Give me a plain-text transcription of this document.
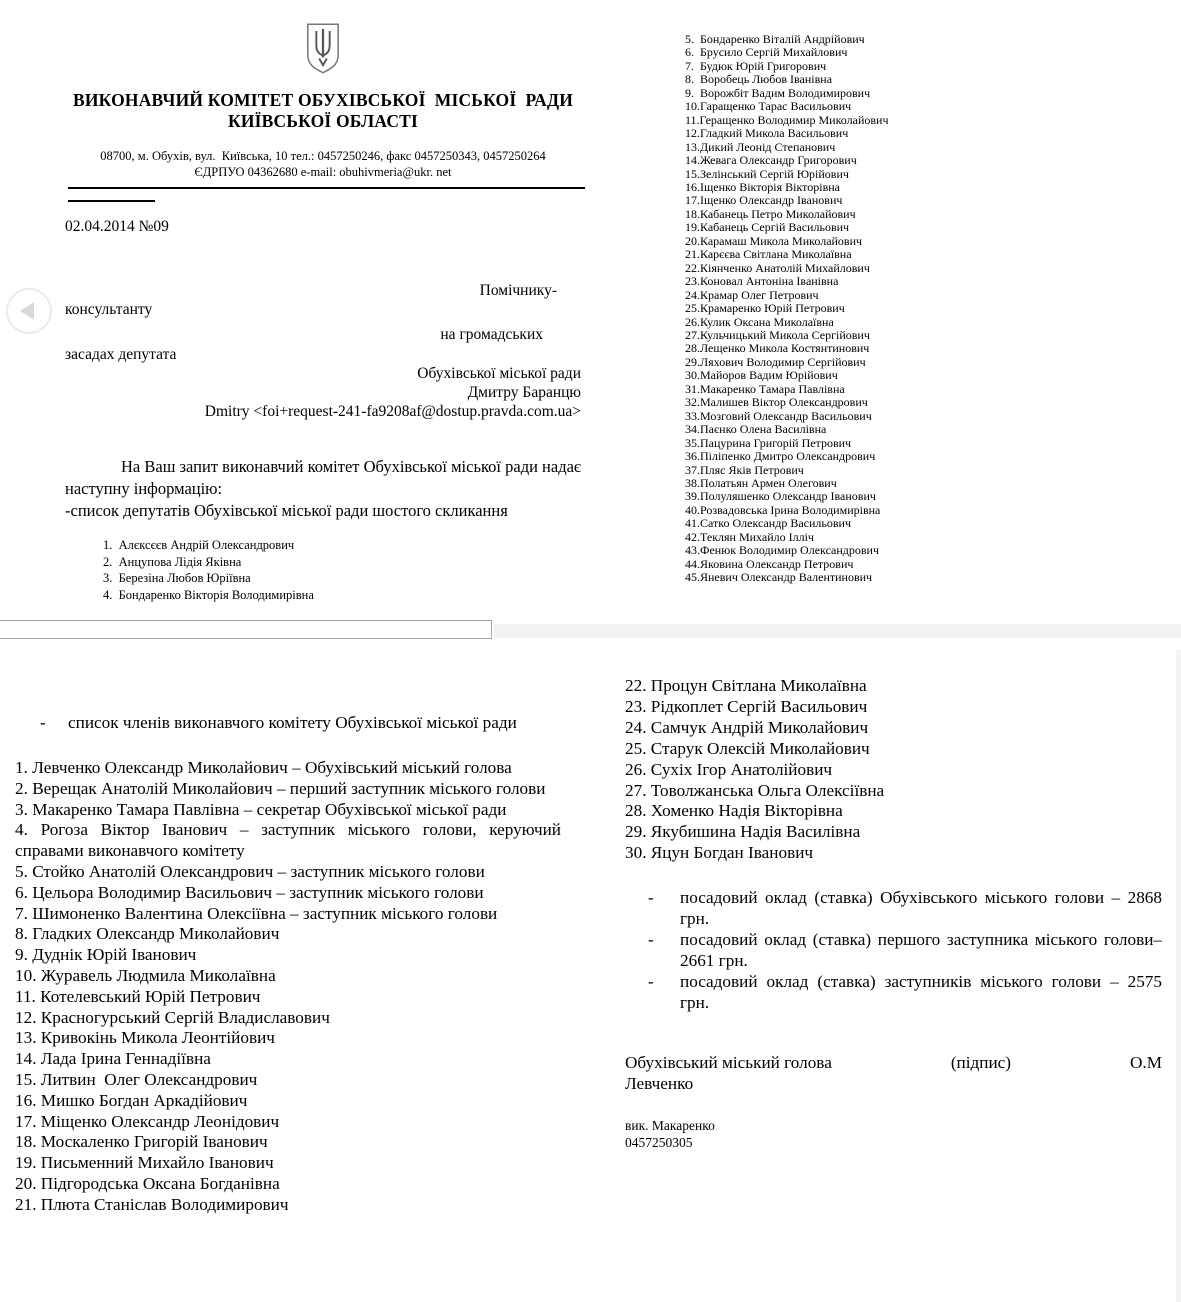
ВИКОНАВЧИЙ КОМІТЕТ ОБУХІВСЬКОЇ  МІСЬКОЇ  РАДИ
КИЇВСЬКОЇ ОБЛАСТІ
08700, м. Обухів, вул.  Київська, 10 тел.: 0457250246, факс 0457250343, 0457250264
ЄДРПУО 04362680 e-mail: obuhivmeria@ukr. net
02.04.2014 №09
Помічнику-
консультанту
на громадських
засадах депутата
Обухівської міської ради
Дмитру Баранцю
Dmitry <foi+request-241-fa9208af@dostup.pravda.com.ua>
На Ваш запит виконавчий комітет Обухівської міської ради надає наступну інформацію:
-список депутатів Обухівської міської ради шостого скликання
1.  Алєксєєв Андрій Олександрович
2.  Анцупова Лідія Яківна
3.  Березіна Любов Юріївна
4.  Бондаренко Вікторія Володимирівна
5.  Бондаренко Віталій Андрійович
6.  Брусило Сергій Михайлович
7.  Будюк Юрій Григорович
8.  Воробець Любов Іванівна
9.  Ворожбіт Вадим Володимирович
10.Гаращенко Тарас Васильович
11.Геращенко Володимир Миколайович
12.Гладкий Микола Васильович
13.Дикий Леонід Степанович
14.Жевага Олександр Григорович
15.Зелінський Сергій Юрійович
16.Іщенко Вікторія Вікторівна
17.Іщенко Олександр Іванович
18.Кабанець Петро Миколайович
19.Кабанець Сергій Васильович
20.Карамаш Микола Миколайович
21.Карєєва Світлана Миколаївна
22.Кіянченко Анатолій Михайлович
23.Коновал Антоніна Іванівна
24.Крамар Олег Петрович
25.Крамаренко Юрій Петрович
26.Кулик Оксана Миколаївна
27.Кульчицький Микола Сергійович
28.Лещенко Микола Костянтинович
29.Ляхович Володимир Сергійович
30.Майоров Вадим Юрійович
31.Макаренко Тамара Павлівна
32.Малишев Віктор Олександрович
33.Мозговий Олександр Васильович
34.Паєнко Олена Василівна
35.Пацурина Григорій Петрович
36.Піліпенко Дмитро Олександрович
37.Пляс Яків Петрович
38.Полатьян Армен Олегович
39.Полуляшенко Олександр Іванович
40.Розвадовська Ірина Володимирівна
41.Сатко Олександр Васильович
42.Теклян Михайло Ілліч
43.Фенюк Володимир Олександрович
44.Яковина Олександр Петрович
45.Яневич Олександр Валентинович
- список членів виконавчого комітету Обухівської міської ради
1. Левченко Олександр Миколайович – Обухівський міський голова
2. Верещак Анатолій Миколайович – перший заступник міського голови
3. Макаренко Тамара Павлівна – секретар Обухівської міської ради
4. Рогоза Віктор Іванович – заступник міського голови, керуючий справами виконавчого комітету
5. Стойко Анатолій Олександрович – заступник міського голови
6. Цельора Володимир Васильович – заступник міського голови
7. Шимоненко Валентина Олексіївна – заступник міського голови
8. Гладких Олександр Миколайович
9. Дуднік Юрій Іванович
10. Журавель Людмила Миколаївна
11. Котелевський Юрій Петрович
12. Красногурський Сергій Владиславович
13. Кривокінь Микола Леонтійович
14. Лада Ірина Геннадіївна
15. Литвин  Олег Олександрович
16. Мишко Богдан Аркадійович
17. Міщенко Олександр Леонідович
18. Москаленко Григорій Іванович
19. Письменний Михайло Іванович
20. Підгородська Оксана Богданівна
21. Плюта Станіслав Володимирович
22. Процун Світлана Миколаївна
23. Рідкоплет Сергій Васильович
24. Самчук Андрій Миколайович
25. Старук Олексій Миколайович
26. Сухіх Ігор Анатолійович
27. Товолжанська Ольга Олексіївна
28. Хоменко Надія Вікторівна
29. Якубишина Надія Василівна
30. Яцун Богдан Іванович
-	посадовий оклад (ставка) Обухівського міського голови – 2868 грн.
-	посадовий оклад (ставка) першого заступника міського голови–2661 грн.
-	посадовий оклад (ставка) заступників міського голови – 2575 грн.
Обухівський міський голова	(підпис)	О.М
Левченко
вик. Макаренко
0457250305
